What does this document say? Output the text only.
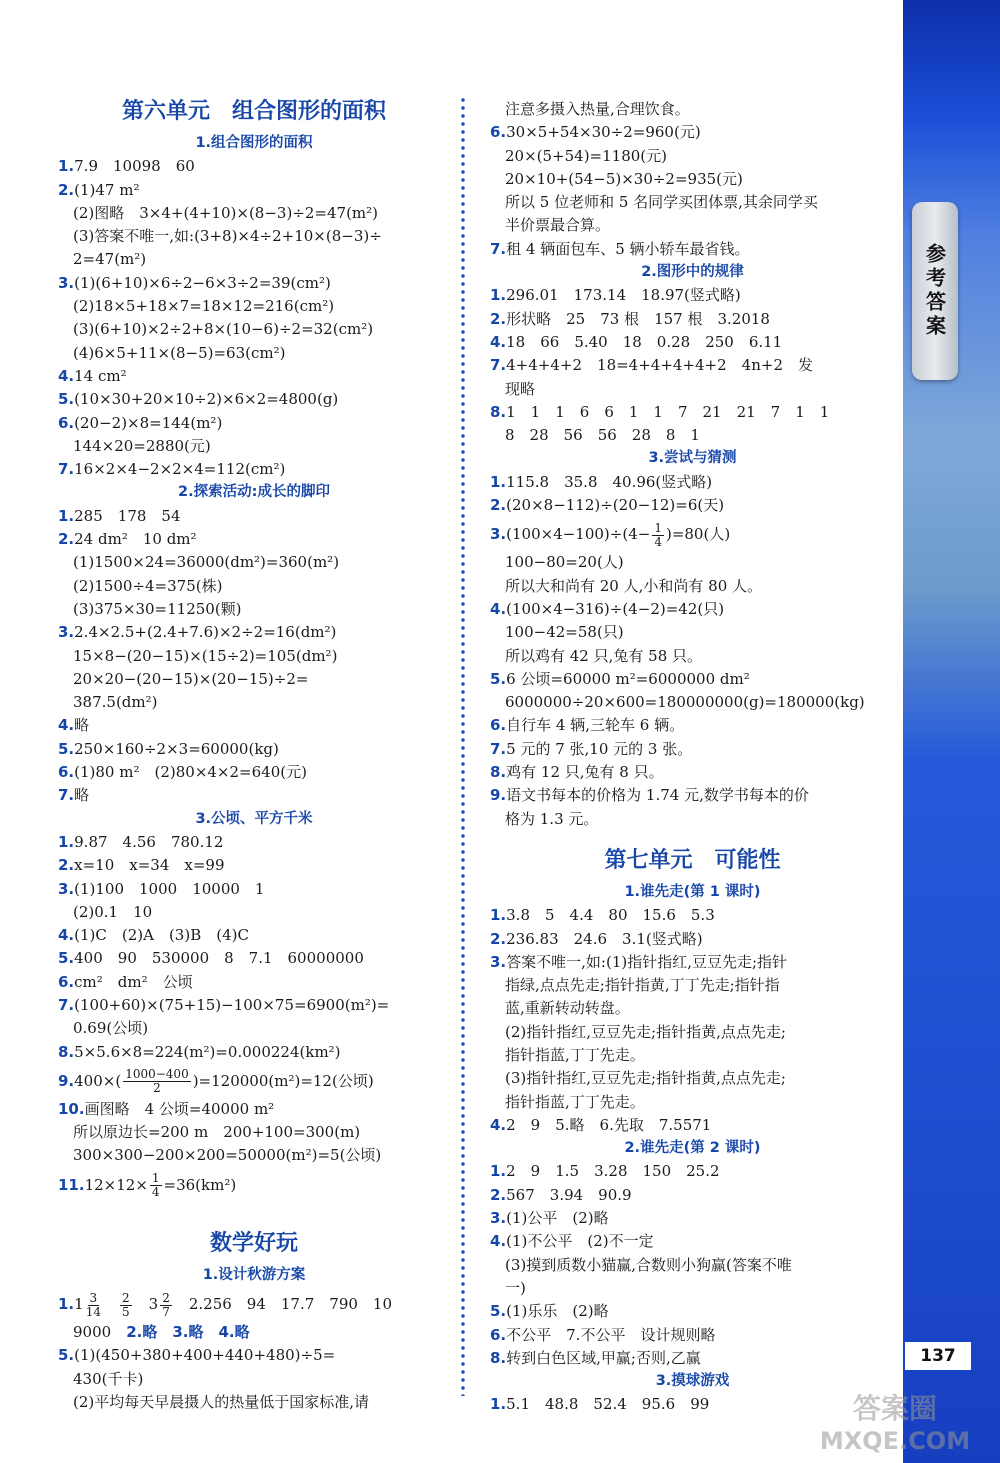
参考答案
137
答案圈
MXQE.COM
第六单元　组合图形的面积
1.组合图形的面积
1.7.9　10098　60
2.(1)47 m²
　(2)图略　3×4+(4+10)×(8−3)÷2=47(m²)
　(3)答案不唯一,如:(3+8)×4÷2+10×(8−3)÷
　2=47(m²)
3.(1)(6+10)×6÷2−6×3÷2=39(cm²)
　(2)18×5+18×7=18×12=216(cm²)
　(3)(6+10)×2÷2+8×(10−6)÷2=32(cm²)
　(4)6×5+11×(8−5)=63(cm²)
4.14 cm²
5.(10×30+20×10÷2)×6×2=4800(g)
6.(20−2)×8=144(m²)
　144×20=2880(元)
7.16×2×4−2×2×4=112(cm²)
2.探索活动:成长的脚印
1.285　178　54
2.24 dm²　10 dm²
　(1)1500×24=36000(dm²)=360(m²)
　(2)1500÷4=375(株)
　(3)375×30=11250(颗)
3.2.4×2.5+(2.4+7.6)×2÷2=16(dm²)
　15×8−(20−15)×(15÷2)=105(dm²)
　20×20−(20−15)×(20−15)÷2=
　387.5(dm²)
4.略
5.250×160÷2×3=60000(kg)
6.(1)80 m²　(2)80×4×2=640(元)
7.略
3.公顷、平方千米
1.9.87　4.56　780.12
2.x=10　x=34　x=99
3.(1)100　1000　10000　1
　(2)0.1　10
4.(1)C　(2)A　(3)B　(4)C
5.400　90　530000　8　7.1　60000000
6.cm²　dm²　公顷
7.(100+60)×(75+15)−100×75=6900(m²)=
　0.69(公顷)
8.5×5.6×8=224(m²)=0.000224(km²)
$9.400\times( \frac{1000-400}{2} )=120000(m^2)=12$(公顷)
10.画图略　4 公顷=40000 m²
　所以原边长=200 m　200+100=300(m)
　300×300−200×200=50000(m²)=5(公顷)
$11.12\times 12\times \frac{1}{4} =36(km^2)$
数学好玩
1.设计秋游方案
$1.1 \frac{3}{14}$
　 $\frac{2}{5}$
　 $3 \frac{2}{7}$
　 2.256　94　17.7　790　10
　9000　2.略　 3.略　 4.略
5.(1)(450+380+400+440+480)÷5=
　430(千卡)
　(2)平均每天早晨摄人的热量低于国家标准,请
　注意多摄入热量,合理饮食。
6.30×5+54×30÷2=960(元)
　20×(5+54)=1180(元)
　20×10+(54−5)×30÷2=935(元)
　所以 5 位老师和 5 名同学买团体票,其余同学买
　半价票最合算。
7.租 4 辆面包车、5 辆小轿车最省钱。
2.图形中的规律
1.296.01　173.14　18.97(竖式略)
2.形状略　25　73 根　157 根　3.2018
4.18　66　5.40　18　0.28　250　6.11
7.4+4+4+2　18=4+4+4+4+2　4n+2　发
　现略
8.1　1　1　6　6　1　1　7　21　21　7　1　1
　8　28　56　56　28　8　1
3.尝试与猜测
1.115.8　35.8　40.96(竖式略)
2.(20×8−112)÷(20−12)=6(天)
$3.(100\times 4-100)\div(4- \frac{1}{4} )=80$(人)
　100−80=20(人)
　所以大和尚有 20 人,小和尚有 80 人。
4.(100×4−316)÷(4−2)=42(只)
　100−42=58(只)
　所以鸡有 42 只,兔有 58 只。
5.6 公顷=60000 m²=6000000 dm²
　6000000÷20×600=180000000(g)=180000(kg)
6.自行车 4 辆,三轮车 6 辆。
7.5 元的 7 张,10 元的 3 张。
8.鸡有 12 只,兔有 8 只。
9.语文书每本的价格为 1.74 元,数学书每本的价
　格为 1.3 元。
第七单元　可能性
1.谁先走(第 1 课时)
1.3.8　5　4.4　80　15.6　5.3
2.236.83　24.6　3.1(竖式略)
3.答案不唯一,如:(1)指针指红,豆豆先走;指针
　指绿,点点先走;指针指黄,丁丁先走;指针指
　蓝,重新转动转盘。
　(2)指针指红,豆豆先走;指针指黄,点点先走;
　指针指蓝,丁丁先走。
　(3)指针指红,豆豆先走;指针指黄,点点先走;
　指针指蓝,丁丁先走。
4.2　9　5.略　6.先取　7.5571
2.谁先走(第 2 课时)
1.2　9　1.5　3.28　150　25.2
2.567　3.94　90.9
3.(1)公平　(2)略
4.(1)不公平　(2)不一定
　(3)摸到质数小猫赢,合数则小狗赢(答案不唯
　一)
5.(1)乐乐　(2)略
6.不公平　7.不公平　设计规则略
8.转到白色区域,甲赢;否则,乙赢
3.摸球游戏
1.5.1　48.8　52.4　95.6　99
